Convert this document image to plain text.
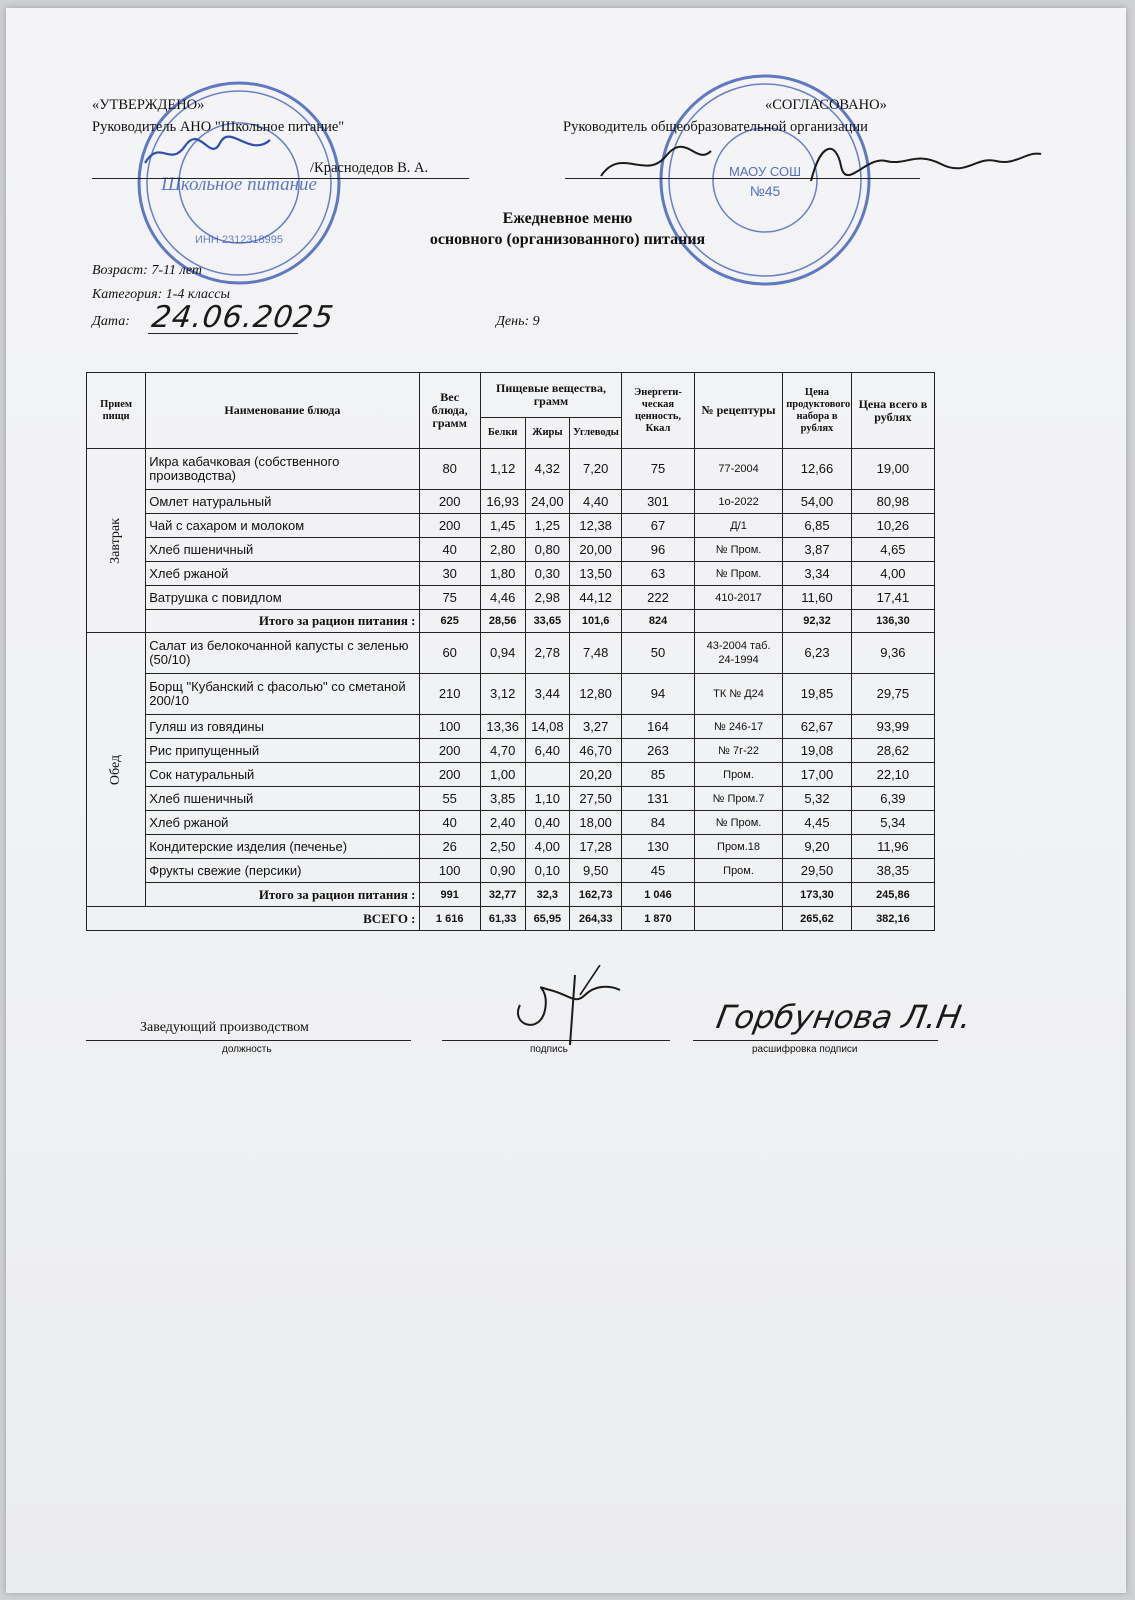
Школьное питание
ИНН 2312318995
МАОУ СОШ
№45
«УТВЕРЖДЕНО»
Руководитель АНО "Школьное питание"
/Краснодедов В. А.
«СОГЛАСОВАНО»
Руководитель общеобразовательной организации
Ежедневное меню
основного (организованного) питания
Возраст: 7-11 лет
Категория: 1-4 классы
Дата: 24.06.2025	День: 9
Прием пищи	Наименование блюда	Вес блюда, грамм	Пищевые вещества, грамм			Энергети-ческая ценность, Ккал	№ рецептуры	Цена продуктового набора в рублях	Цена всего в рублях
			Белки	Жиры	Углеводы				
Завтрак	Икра кабачковая (собственного производства)	80	1,12	4,32	7,20	75	77-2004	12,66	19,00
	Омлет натуральный	200	16,93	24,00	4,40	301	1о-2022	54,00	80,98
	Чай с сахаром и молоком	200	1,45	1,25	12,38	67	Д/1	6,85	10,26
	Хлеб пшеничный	40	2,80	0,80	20,00	96	№ Пром.	3,87	4,65
	Хлеб ржаной	30	1,80	0,30	13,50	63	№ Пром.	3,34	4,00
	Ватрушка с повидлом	75	4,46	2,98	44,12	222	410-2017	11,60	17,41
	Итого за рацион питания :	625	28,56	33,65	101,6	824		92,32	136,30
Обед	Салат из белокочанной капусты с зеленью (50/10)	60	0,94	2,78	7,48	50	43-2004 таб. 24-1994	6,23	9,36
	Борщ "Кубанский с фасолью" со сметаной 200/10	210	3,12	3,44	12,80	94	ТК № Д24	19,85	29,75
	Гуляш из говядины	100	13,36	14,08	3,27	164	№ 246-17	62,67	93,99
	Рис припущенный	200	4,70	6,40	46,70	263	№ 7г-22	19,08	28,62
	Сок натуральный	200	1,00		20,20	85	Пром.	17,00	22,10
	Хлеб пшеничный	55	3,85	1,10	27,50	131	№ Пром.7	5,32	6,39
	Хлеб ржаной	40	2,40	0,40	18,00	84	№ Пром.	4,45	5,34
	Кондитерские изделия (печенье)	26	2,50	4,00	17,28	130	Пром.18	9,20	11,96
	Фрукты свежие (персики)	100	0,90	0,10	9,50	45	Пром.	29,50	38,35
	Итого за рацион питания :	991	32,77	32,3	162,73	1 046		173,30	245,86
ВСЕГО :		1 616	61,33	65,95	264,33	1 870		265,62	382,16
Заведующий производством
должность	подпись	расшифровка подписи
Горбунова Л.Н.
